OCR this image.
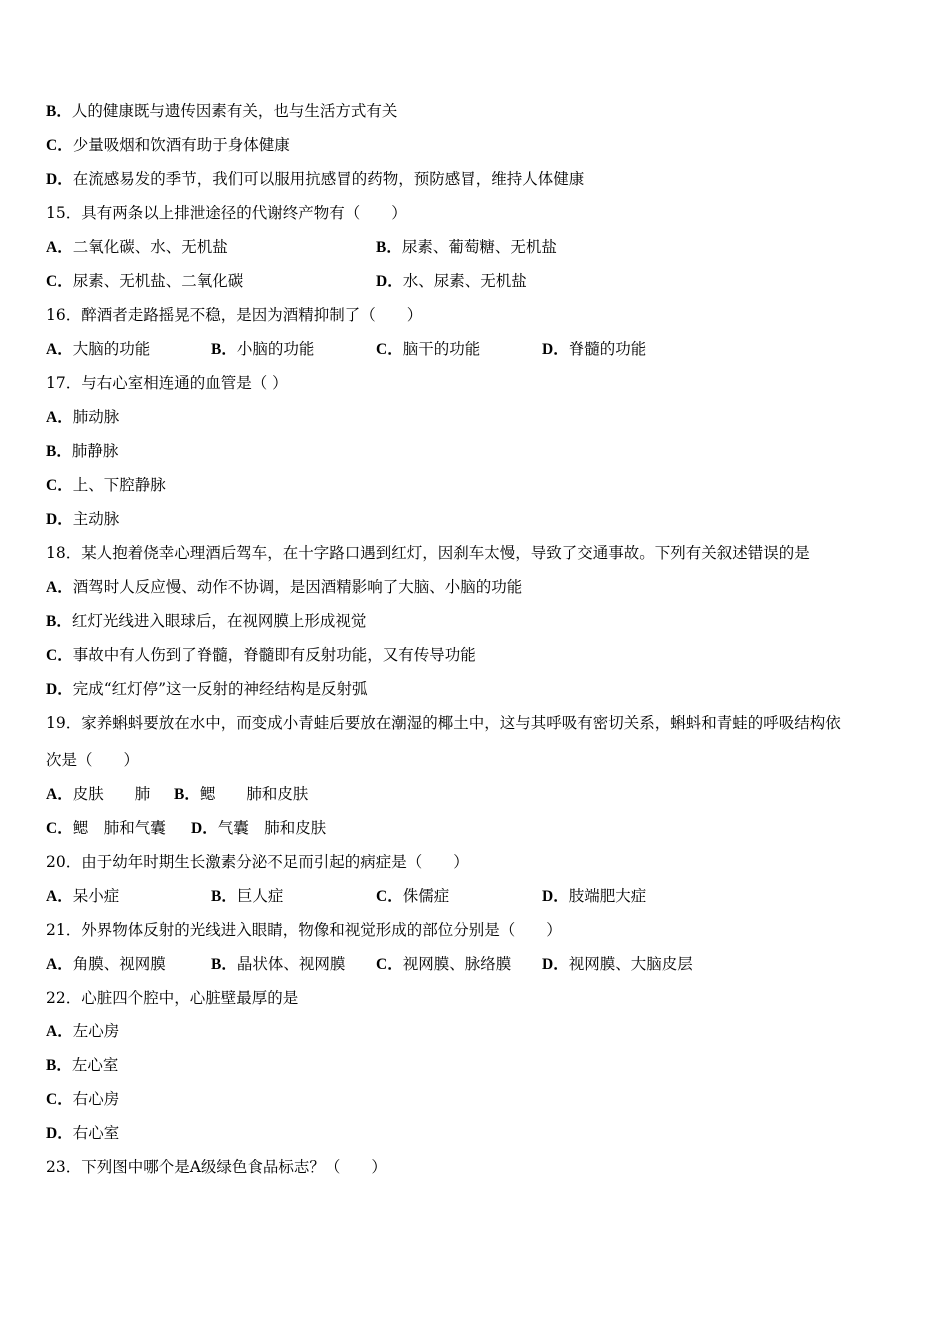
B．人的健康既与遗传因素有关，也与生活方式有关
C．少量吸烟和饮酒有助于身体健康
D．在流感易发的季节，我们可以服用抗感冒的药物，预防感冒，维持人体健康
15．具有两条以上排泄途径的代谢终产物有（　　）
A．二氧化碳、水、无机盐	B．尿素、葡萄糖、无机盐
C．尿素、无机盐、二氧化碳	D．水、尿素、无机盐
16．醉酒者走路摇晃不稳，是因为酒精抑制了（　　）
A．大脑的功能	B．小脑的功能	C．脑干的功能	D．脊髓的功能
17．与右心室相连通的血管是（ ）
A．肺动脉
B．肺静脉
C．上、下腔静脉
D．主动脉
18．某人抱着侥幸心理酒后驾车，在十字路口遇到红灯，因刹车太慢，导致了交通事故。下列有关叙述错误的是
A．酒驾时人反应慢、动作不协调，是因酒精影响了大脑、小脑的功能
B．红灯光线进入眼球后，在视网膜上形成视觉
C．事故中有人伤到了脊髓，脊髓即有反射功能，又有传导功能
D．完成“红灯停”这一反射的神经结构是反射弧
19．家养蝌蚪要放在水中，而变成小青蛙后要放在潮湿的椰土中，这与其呼吸有密切关系，蝌蚪和青蛙的呼吸结构依
次是（　　）
A．皮肤　　肺 B．鳃　　肺和皮肤
C．鳃　肺和气囊 D．气囊　肺和皮肤
20．由于幼年时期生长激素分泌不足而引起的病症是（　　）
A．呆小症	B．巨人症	C．侏儒症	D．肢端肥大症
21．外界物体反射的光线进入眼睛，物像和视觉形成的部位分别是（　　）
A．角膜、视网膜	B．晶状体、视网膜 C．视网膜、脉络膜 D．视网膜、大脑皮层
22．心脏四个腔中，心脏壁最厚的是
A．左心房
B．左心室
C．右心房
D．右心室
23．下列图中哪个是A级绿色食品标志？（　　）
